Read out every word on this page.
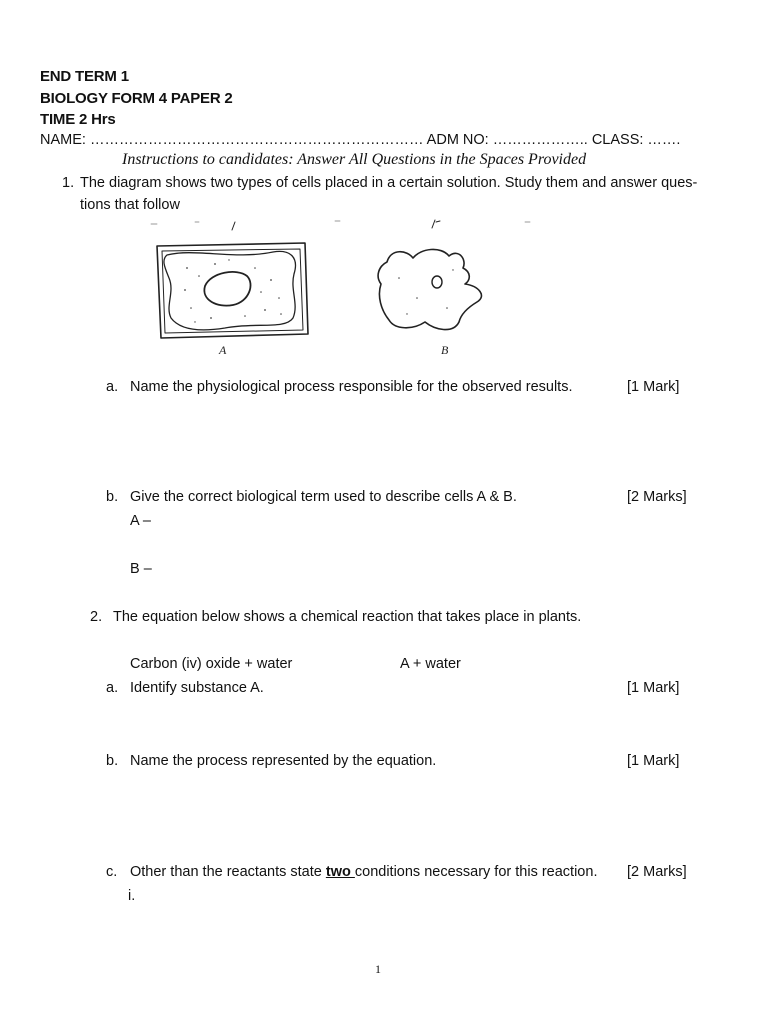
END TERM 1
BIOLOGY FORM 4 PAPER 2
TIME 2 Hrs
NAME: …………………………………………………………… ADM NO: ……………….. CLASS: …….
Instructions to candidates: Answer All Questions in the Spaces Provided
1. The diagram shows two types of cells placed in a certain solution. Study them and answer ques-
tions that follow
A	B
a. Name the physiological process responsible for the observed results.	[1 Mark]
b. Give the correct biological term used to describe cells A & B.	[2 Marks]
A –
B –
2. The equation below shows a chemical reaction that takes place in plants.
Carbon (iv) oxide + water	A + water
a. Identify substance A.	[1 Mark]
b. Name the process represented by the equation.	[1 Mark]
c. Other than the reactants state two conditions necessary for this reaction. [2 Marks]
i.
1
